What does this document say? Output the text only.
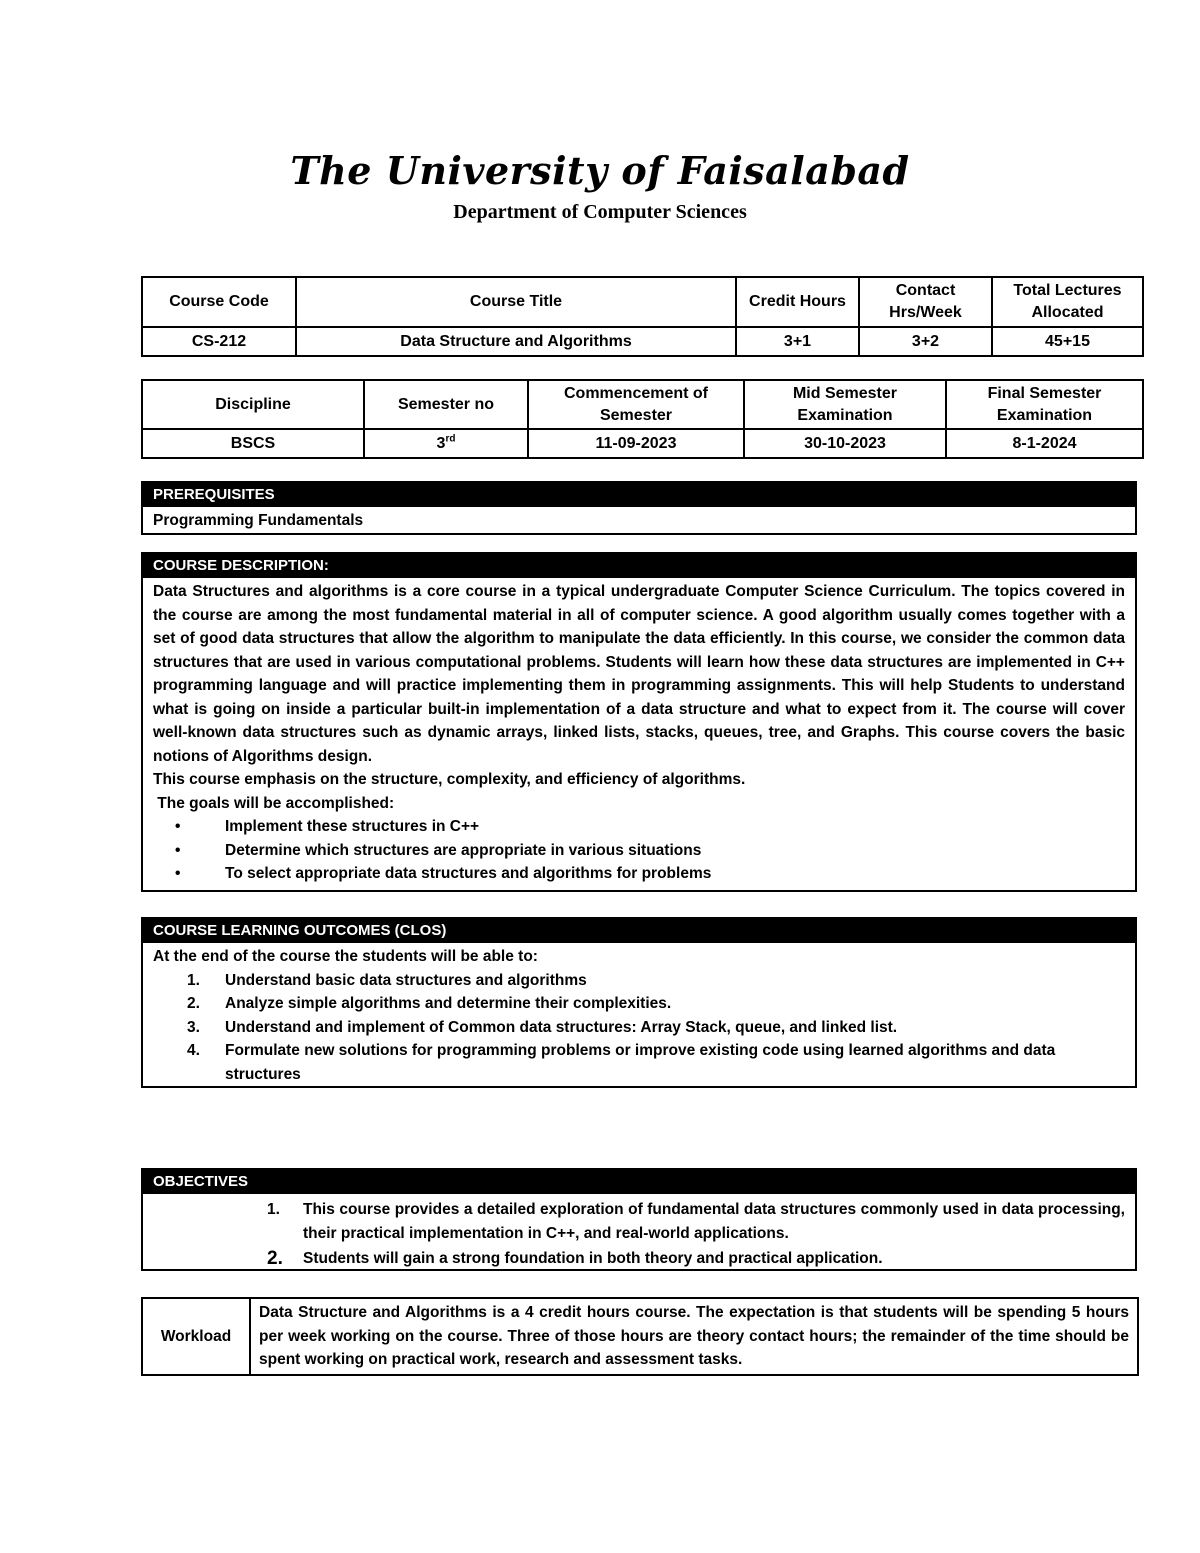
The University of Faisalabad
Department of Computer Sciences
Course Code	Course Title	Credit Hours	Contact Hrs/Week	Total Lectures Allocated
CS-212	Data Structure and Algorithms	3+1	3+2	45+15
Discipline	Semester no	Commencement of Semester	Mid Semester Examination	Final Semester Examination
BSCS	3rd	11-09-2023	30-10-2023	8-1-2024
PREREQUISITES
Programming Fundamentals
COURSE DESCRIPTION:
Data Structures and algorithms is a core course in a typical undergraduate Computer Science Curriculum. The topics covered in the course are among the most fundamental material in all of computer science. A good algorithm usually comes together with a set of good data structures that allow the algorithm to manipulate the data efficiently. In this course, we consider the common data structures that are used in various computational problems. Students will learn how these data structures are implemented in C++ programming language and will practice implementing them in programming assignments. This will help Students to understand what is going on inside a particular built-in implementation of a data structure and what to expect from it. The course will cover well-known data structures such as dynamic arrays, linked lists, stacks, queues, tree, and Graphs. This course covers the basic notions of Algorithms design.
This course emphasis on the structure, complexity, and efficiency of algorithms.
The goals will be accomplished:
• Implement these structures in C++
• Determine which structures are appropriate in various situations
• To select appropriate data structures and algorithms for problems
COURSE LEARNING OUTCOMES (CLOS)
At the end of the course the students will be able to:
1. Understand basic data structures and algorithms
2. Analyze simple algorithms and determine their complexities.
3. Understand and implement of Common data structures: Array Stack, queue, and linked list.
4. Formulate new solutions for programming problems or improve existing code using learned algorithms and data structures
OBJECTIVES
1. This course provides a detailed exploration of fundamental data structures commonly used in data processing, their practical implementation in C++, and real-world applications.
2. Students will gain a strong foundation in both theory and practical application.
Workload	Data Structure and Algorithms is a 4 credit hours course. The expectation is that students will be spending 5 hours per week working on the course. Three of those hours are theory contact hours; the remainder of the time should be spent working on practical work, research and assessment tasks.
